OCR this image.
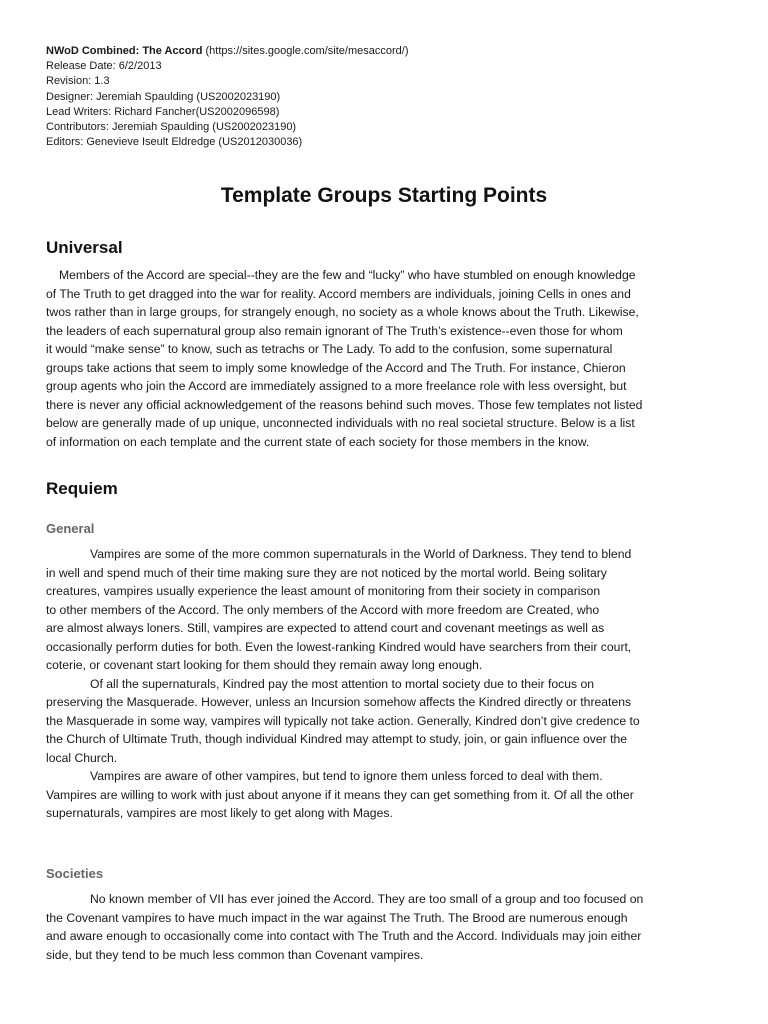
NWoD Combined: The Accord (https://sites.google.com/site/mesaccord/)
Release Date: 6/2/2013
Revision: 1.3
Designer: Jeremiah Spaulding (US2002023190)
Lead Writers: Richard Fancher(US2002096598)
Contributors: Jeremiah Spaulding (US2002023190)
Editors: Genevieve Iseult Eldredge (US2012030036)
Template Groups Starting Points
Universal
Members of the Accord are special--they are the few and “lucky” who have stumbled on enough knowledge
of The Truth to get dragged into the war for reality. Accord members are individuals, joining Cells in ones and
twos rather than in large groups, for strangely enough, no society as a whole knows about the Truth. Likewise,
the leaders of each supernatural group also remain ignorant of The Truth’s existence--even those for whom
it would “make sense” to know, such as tetrachs or The Lady. To add to the confusion, some supernatural
groups take actions that seem to imply some knowledge of the Accord and The Truth. For instance, Chieron
group agents who join the Accord are immediately assigned to a more freelance role with less oversight, but
there is never any official acknowledgement of the reasons behind such moves. Those few templates not listed
below are generally made of up unique, unconnected individuals with no real societal structure. Below is a list
of information on each template and the current state of each society for those members in the know.
Requiem
General
Vampires are some of the more common supernaturals in the World of Darkness. They tend to blend
in well and spend much of their time making sure they are not noticed by the mortal world. Being solitary
creatures, vampires usually experience the least amount of monitoring from their society in comparison
to other members of the Accord. The only members of the Accord with more freedom are Created, who
are almost always loners. Still, vampires are expected to attend court and covenant meetings as well as
occasionally perform duties for both. Even the lowest-ranking Kindred would have searchers from their court,
coterie, or covenant start looking for them should they remain away long enough.
Of all the supernaturals, Kindred pay the most attention to mortal society due to their focus on
preserving the Masquerade. However, unless an Incursion somehow affects the Kindred directly or threatens
the Masquerade in some way, vampires will typically not take action. Generally, Kindred don’t give credence to
the Church of Ultimate Truth, though individual Kindred may attempt to study, join, or gain influence over the
local Church.
Vampires are aware of other vampires, but tend to ignore them unless forced to deal with them.
Vampires are willing to work with just about anyone if it means they can get something from it. Of all the other
supernaturals, vampires are most likely to get along with Mages.
Societies
No known member of VII has ever joined the Accord. They are too small of a group and too focused on
the Covenant vampires to have much impact in the war against The Truth. The Brood are numerous enough
and aware enough to occasionally come into contact with The Truth and the Accord. Individuals may join either
side, but they tend to be much less common than Covenant vampires.
